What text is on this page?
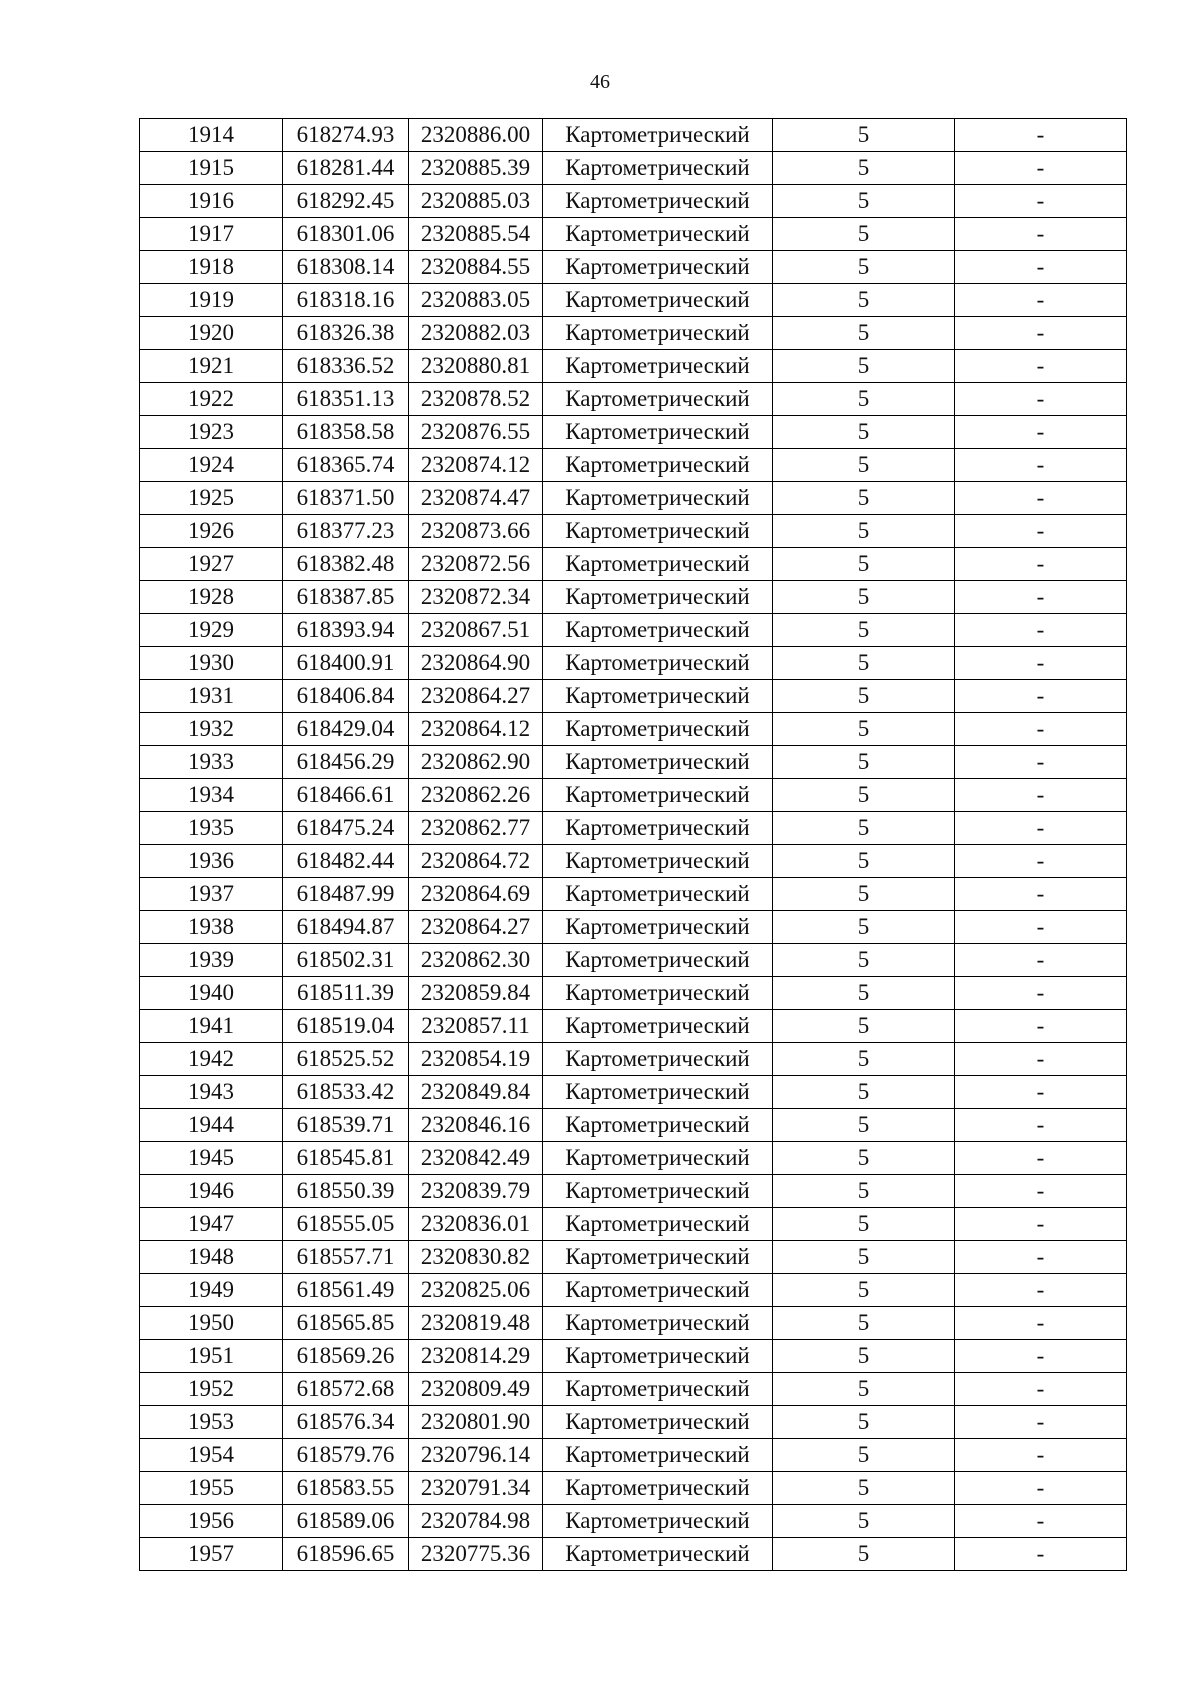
46
1914	618274.93	2320886.00	Картометрический	5	-
1915	618281.44	2320885.39	Картометрический	5	-
1916	618292.45	2320885.03	Картометрический	5	-
1917	618301.06	2320885.54	Картометрический	5	-
1918	618308.14	2320884.55	Картометрический	5	-
1919	618318.16	2320883.05	Картометрический	5	-
1920	618326.38	2320882.03	Картометрический	5	-
1921	618336.52	2320880.81	Картометрический	5	-
1922	618351.13	2320878.52	Картометрический	5	-
1923	618358.58	2320876.55	Картометрический	5	-
1924	618365.74	2320874.12	Картометрический	5	-
1925	618371.50	2320874.47	Картометрический	5	-
1926	618377.23	2320873.66	Картометрический	5	-
1927	618382.48	2320872.56	Картометрический	5	-
1928	618387.85	2320872.34	Картометрический	5	-
1929	618393.94	2320867.51	Картометрический	5	-
1930	618400.91	2320864.90	Картометрический	5	-
1931	618406.84	2320864.27	Картометрический	5	-
1932	618429.04	2320864.12	Картометрический	5	-
1933	618456.29	2320862.90	Картометрический	5	-
1934	618466.61	2320862.26	Картометрический	5	-
1935	618475.24	2320862.77	Картометрический	5	-
1936	618482.44	2320864.72	Картометрический	5	-
1937	618487.99	2320864.69	Картометрический	5	-
1938	618494.87	2320864.27	Картометрический	5	-
1939	618502.31	2320862.30	Картометрический	5	-
1940	618511.39	2320859.84	Картометрический	5	-
1941	618519.04	2320857.11	Картометрический	5	-
1942	618525.52	2320854.19	Картометрический	5	-
1943	618533.42	2320849.84	Картометрический	5	-
1944	618539.71	2320846.16	Картометрический	5	-
1945	618545.81	2320842.49	Картометрический	5	-
1946	618550.39	2320839.79	Картометрический	5	-
1947	618555.05	2320836.01	Картометрический	5	-
1948	618557.71	2320830.82	Картометрический	5	-
1949	618561.49	2320825.06	Картометрический	5	-
1950	618565.85	2320819.48	Картометрический	5	-
1951	618569.26	2320814.29	Картометрический	5	-
1952	618572.68	2320809.49	Картометрический	5	-
1953	618576.34	2320801.90	Картометрический	5	-
1954	618579.76	2320796.14	Картометрический	5	-
1955	618583.55	2320791.34	Картометрический	5	-
1956	618589.06	2320784.98	Картометрический	5	-
1957	618596.65	2320775.36	Картометрический	5	-
